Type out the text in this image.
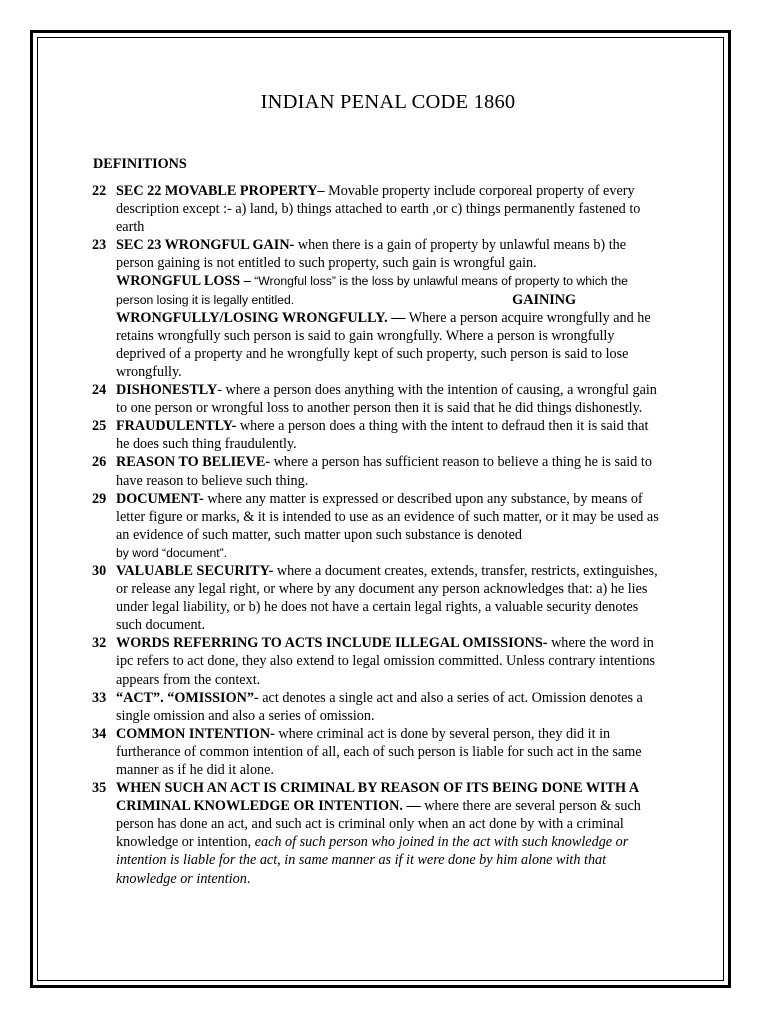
INDIAN PENAL CODE 1860
DEFINITIONS
22 SEC 22 MOVABLE PROPERTY– Movable property include corporeal property of every description except :- a) land, b) things attached to earth ,or c) things permanently fastened to earth

23 SEC 23 WRONGFUL GAIN- when there is a gain of property by unlawful means b) the person gaining is not entitled to such property, such gain is wrongful gain.
WRONGFUL LOSS – “Wrongful loss” is the loss by unlawful means of property to which the person losing it is legally entitled.	GAINING WRONGFULLY/LOSING WRONGFULLY. — Where a person acquire wrongfully and he retains wrongfully such person is said to gain wrongfully. Where a person is wrongfully deprived of a property and he wrongfully kept of such property, such person is said to lose wrongfully.

24 DISHONESTLY- where a person does anything with the intention of causing, a wrongful gain to one person or wrongful loss to another person then it is said that he did things dishonestly.

25 FRAUDULENTLY- where a person does a thing with the intent to defraud then it is said that he does such thing fraudulently.

26 REASON TO BELIEVE- where a person has sufficient reason to believe a thing he is said to have reason to believe such thing.

29 DOCUMENT- where any matter is expressed or described upon any substance, by means of letter figure or marks, & it is intended to use as an evidence of such matter, or it may be used as an evidence of such matter, such matter upon such substance is denoted
by word “document”.

30 VALUABLE SECURITY- where a document creates, extends, transfer, restricts, extinguishes, or release any legal right, or where by any document any person acknowledges that: a) he lies under legal liability, or b) he does not have a certain legal rights, a valuable security denotes such document.

32 WORDS REFERRING TO ACTS INCLUDE ILLEGAL OMISSIONS- where the word in ipc refers to act done, they also extend to legal omission committed. Unless contrary intentions appears from the context.

33 “ACT”. “OMISSION”- act denotes a single act and also a series of act. Omission denotes a single omission and also a series of omission.

34 COMMON INTENTION- where criminal act is done by several person, they did it in furtherance of common intention of all, each of such person is liable for such act in the same manner as if he did it alone.

35 WHEN SUCH AN ACT IS CRIMINAL BY REASON OF ITS BEING DONE WITH A CRIMINAL KNOWLEDGE OR INTENTION. — where there are several person & such person has done an act, and such act is criminal only when an act done by with a criminal knowledge or intention, each of such person who joined in the act with such knowledge or intention is liable for the act, in same manner as if it were done by him alone with that knowledge or intention.
